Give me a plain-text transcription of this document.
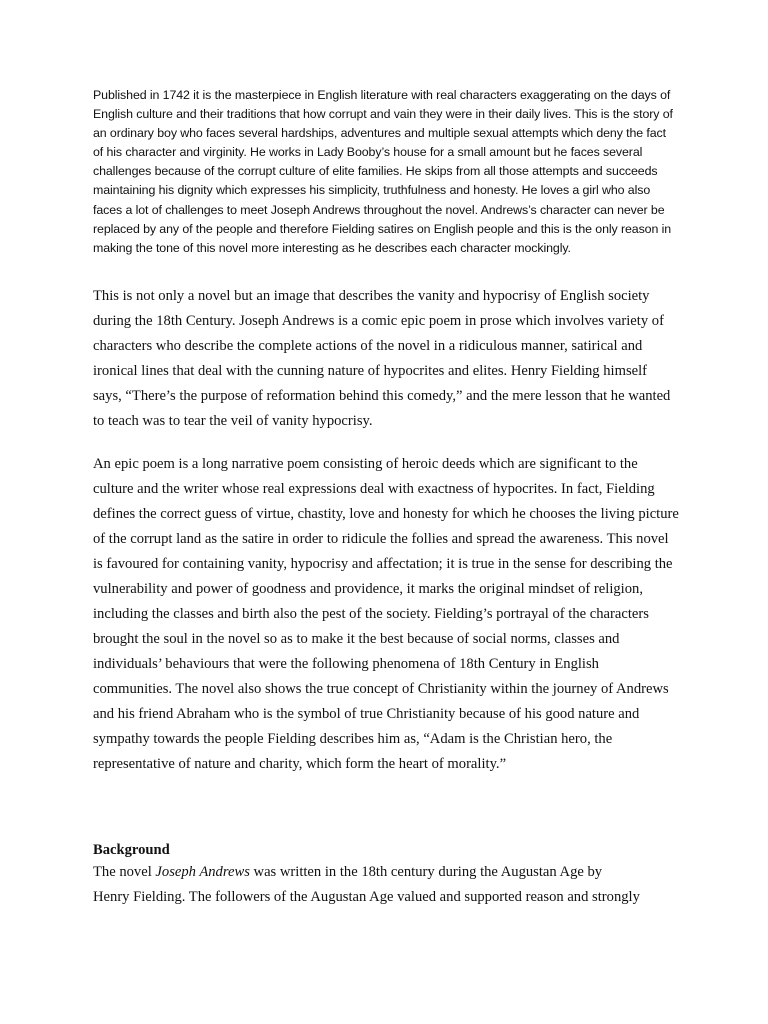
Published in 1742 it is the masterpiece in English literature with real characters exaggerating on the days of English culture and their traditions that how corrupt and vain they were in their daily lives. This is the story of an ordinary boy who faces several hardships, adventures and multiple sexual attempts which deny the fact of his character and virginity. He works in Lady Booby’s house for a small amount but he faces several challenges because of the corrupt culture of elite families. He skips from all those attempts and succeeds maintaining his dignity which expresses his simplicity, truthfulness and honesty. He loves a girl who also faces a lot of challenges to meet Joseph Andrews throughout the novel. Andrews’s character can never be replaced by any of the people and therefore Fielding satires on English people and this is the only reason in making the tone of this novel more interesting as he describes each character mockingly.

This is not only a novel but an image that describes the vanity and hypocrisy of English society during the 18th Century. Joseph Andrews is a comic epic poem in prose which involves variety of characters who describe the complete actions of the novel in a ridiculous manner, satirical and ironical lines that deal with the cunning nature of hypocrites and elites. Henry Fielding himself says, “There’s the purpose of reformation behind this comedy,” and the mere lesson that he wanted to teach was to tear the veil of vanity hypocrisy.

An epic poem is a long narrative poem consisting of heroic deeds which are significant to the culture and the writer whose real expressions deal with exactness of hypocrites. In fact, Fielding defines the correct guess of virtue, chastity, love and honesty for which he chooses the living picture of the corrupt land as the satire in order to ridicule the follies and spread the awareness. This novel is favoured for containing vanity, hypocrisy and affectation; it is true in the sense for describing the vulnerability and power of goodness and providence, it marks the original mindset of religion, including the classes and birth also the pest of the society. Fielding’s portrayal of the characters brought the soul in the novel so as to make it the best because of social norms, classes and individuals’ behaviours that were the following phenomena of 18th Century in English communities. The novel also shows the true concept of Christianity within the journey of Andrews and his friend Abraham who is the symbol of true Christianity because of his good nature and sympathy towards the people Fielding describes him as, “Adam is the Christian hero, the representative of nature and charity, which form the heart of morality.”

Background

The novel Joseph Andrews was written in the 18th century during the Augustan Age by
Henry Fielding. The followers of the Augustan Age valued and supported reason and strongly
